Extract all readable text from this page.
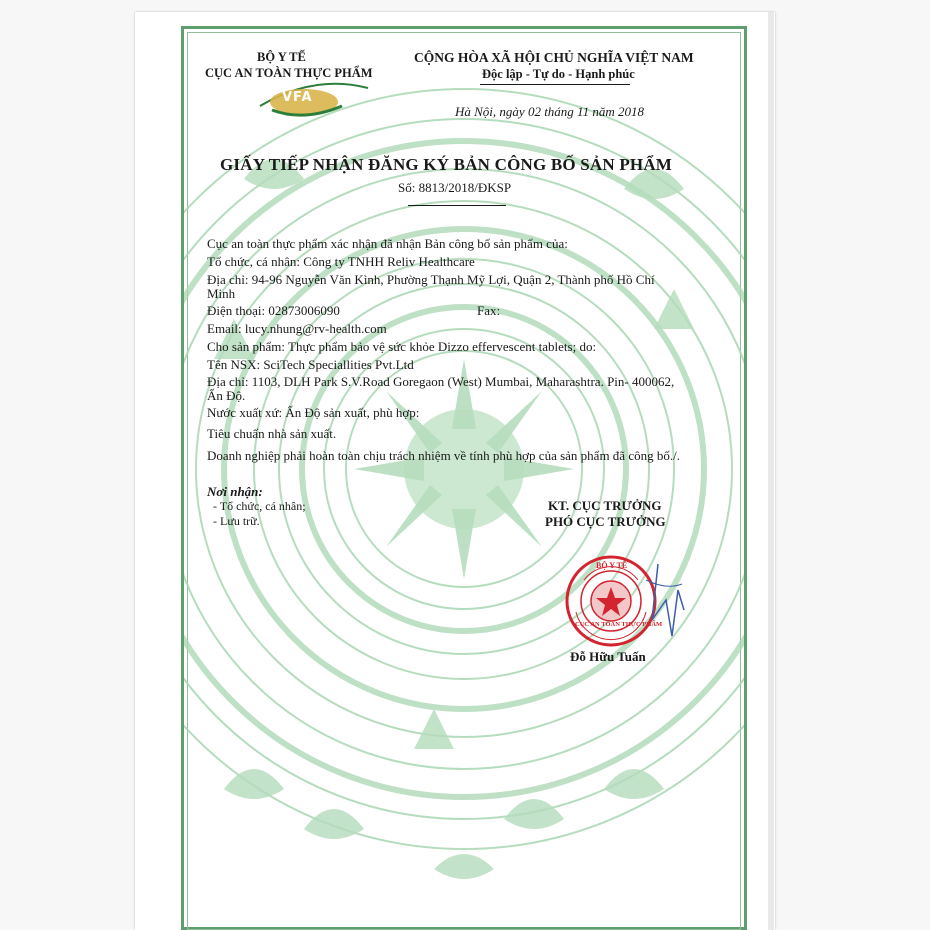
BỘ Y TẾ
CỤC AN TOÀN THỰC PHẨM
VFA
CỘNG HÒA XÃ HỘI CHỦ NGHĨA VIỆT NAM
Độc lập - Tự do - Hạnh phúc
Hà Nội, ngày 02 tháng 11 năm 2018
GIẤY TIẾP NHẬN ĐĂNG KÝ BẢN CÔNG BỐ SẢN PHẨM
Số: 8813/2018/ĐKSP
Cục an toàn thực phẩm xác nhận đã nhận Bản công bố sản phẩm của:
Tổ chức, cá nhân: Công ty TNHH Reliv Healthcare
Địa chỉ: 94-96 Nguyễn Văn Kình, Phường Thạnh Mỹ Lợi, Quận 2, Thành phố Hồ Chí
Minh
Điện thoại: 02873006090	Fax:
Email: lucy.nhung@rv-health.com
Cho sản phẩm: Thực phẩm bảo vệ sức khỏe Dizzo effervescent tablets; do:
Tên NSX: SciTech Speciallities Pvt.Ltd
Địa chỉ: 1103, DLH Park S.V.Road Goregaon (West) Mumbai, Maharashtra. Pin- 400062,
Ấn Độ.
Nước xuất xứ: Ấn Độ sản xuất, phù hợp:
Tiêu chuẩn nhà sản xuất.
Doanh nghiệp phải hoàn toàn chịu trách nhiệm về tính phù hợp của sản phẩm đã công bố./.
Nơi nhận:
- Tổ chức, cá nhân;
- Lưu trữ.
KT. CỤC TRƯỞNG
PHÓ CỤC TRƯỞNG
BỘ Y TẾ
CỤC AN TOÀN THỰC PHẨM
Đỗ Hữu Tuấn
